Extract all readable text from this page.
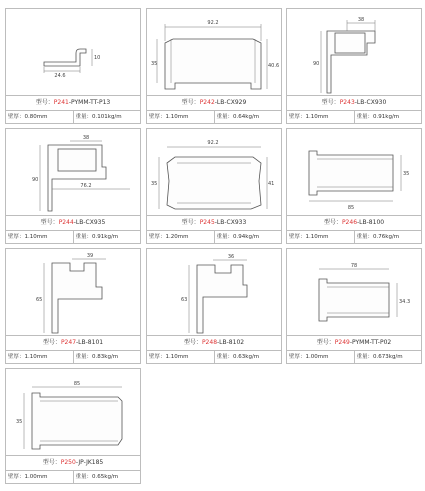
24.6
10
型号：P241-PYMM-TT-P13
壁厚：0.80mm	重量：0.101kg/m
92.2
35	40.6
型号：P242-LB-CX929
壁厚：1.10mm	重量：0.64kg/m
38
90
型号：P243-LB-CX930
壁厚：1.10mm	重量：0.91kg/m
38
90
76.2
型号：P244-LB-CX935
壁厚：1.10mm	重量：0.91kg/m
92.2
35	41
型号：P245-LB-CX933
壁厚：1.20mm	重量：0.94kg/m
35
85
型号：P246-LB-8100
壁厚：1.10mm	重量：0.76kg/m
39
65
型号：P247-LB-8101
壁厚：1.10mm	重量：0.83kg/m
36
63
型号：P248-LB-8102
壁厚：1.10mm	重量：0.63kg/m
78
34.3
型号：P249-PYMM-TT-P02
壁厚：1.00mm	重量：0.673kg/m
85
35
型号：P250-JP-JK185
壁厚：1.00mm	重量：0.65kg/m
